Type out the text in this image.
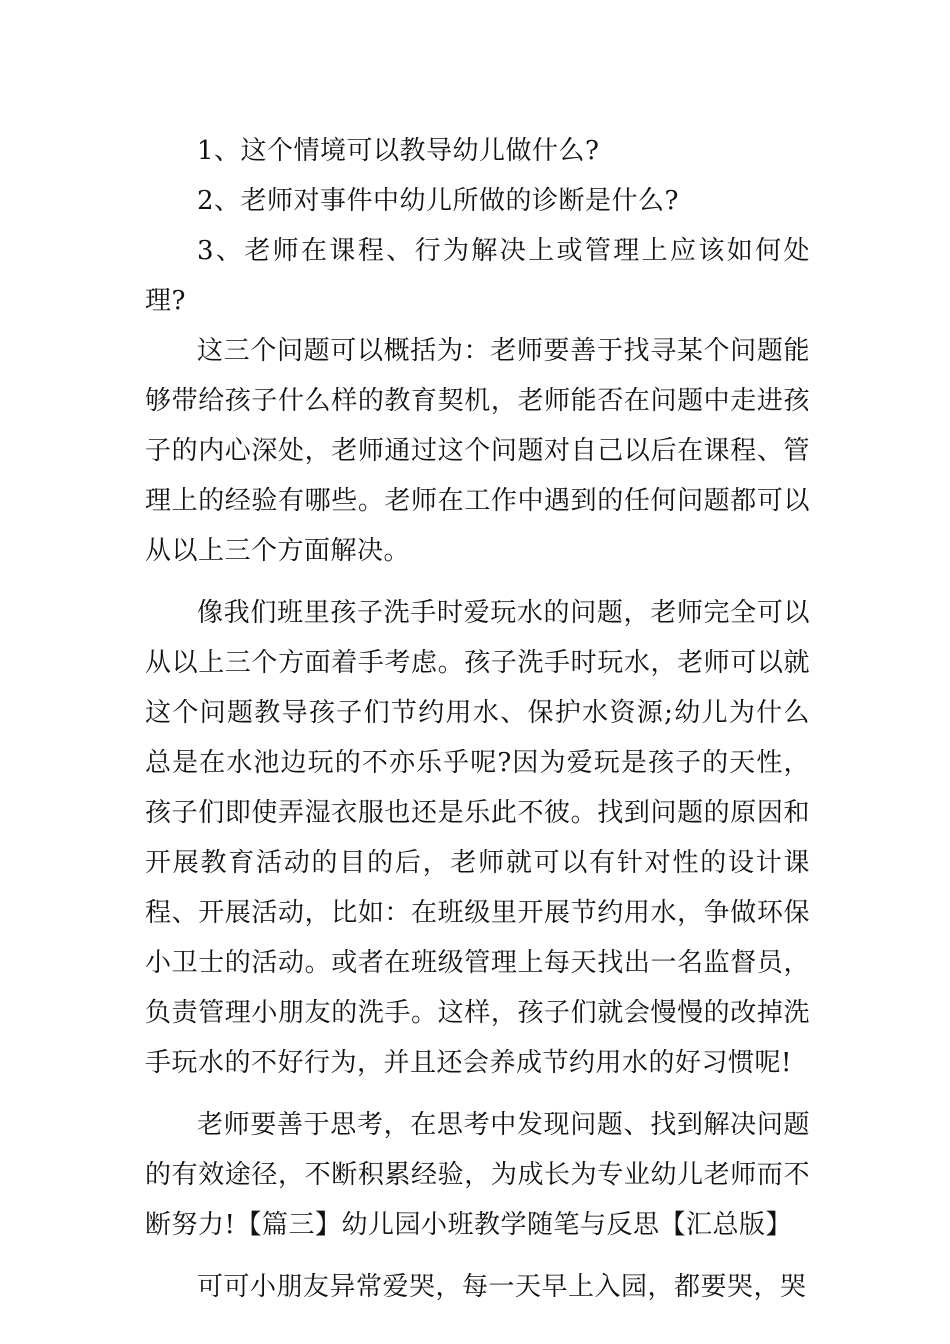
1、这个情境可以教导幼儿做什么?

2、老师对事件中幼儿所做的诊断是什么?

3、老师在课程、行为解决上或管理上应该如何处理?

这三个问题可以概括为：老师要善于找寻某个问题能够带给孩子什么样的教育契机，老师能否在问题中走进孩子的内心深处，老师通过这个问题对自己以后在课程、管理上的经验有哪些。老师在工作中遇到的任何问题都可以从以上三个方面解决。

像我们班里孩子洗手时爱玩水的问题，老师完全可以从以上三个方面着手考虑。孩子洗手时玩水，老师可以就这个问题教导孩子们节约用水、保护水资源;幼儿为什么总是在水池边玩的不亦乐乎呢?因为爱玩是孩子的天性，孩子们即使弄湿衣服也还是乐此不彼。找到问题的原因和开展教育活动的目的后，老师就可以有针对性的设计课程、开展活动，比如：在班级里开展节约用水，争做环保小卫士的活动。或者在班级管理上每天找出一名监督员，负责管理小朋友的洗手。这样，孩子们就会慢慢的改掉洗手玩水的不好行为，并且还会养成节约用水的好习惯呢!

老师要善于思考，在思考中发现问题、找到解决问题的有效途径，不断积累经验，为成长为专业幼儿老师而不断努力!【篇三】幼儿园小班教学随笔与反思【汇总版】

可可小朋友异常爱哭，每一天早上入园，都要哭，哭
